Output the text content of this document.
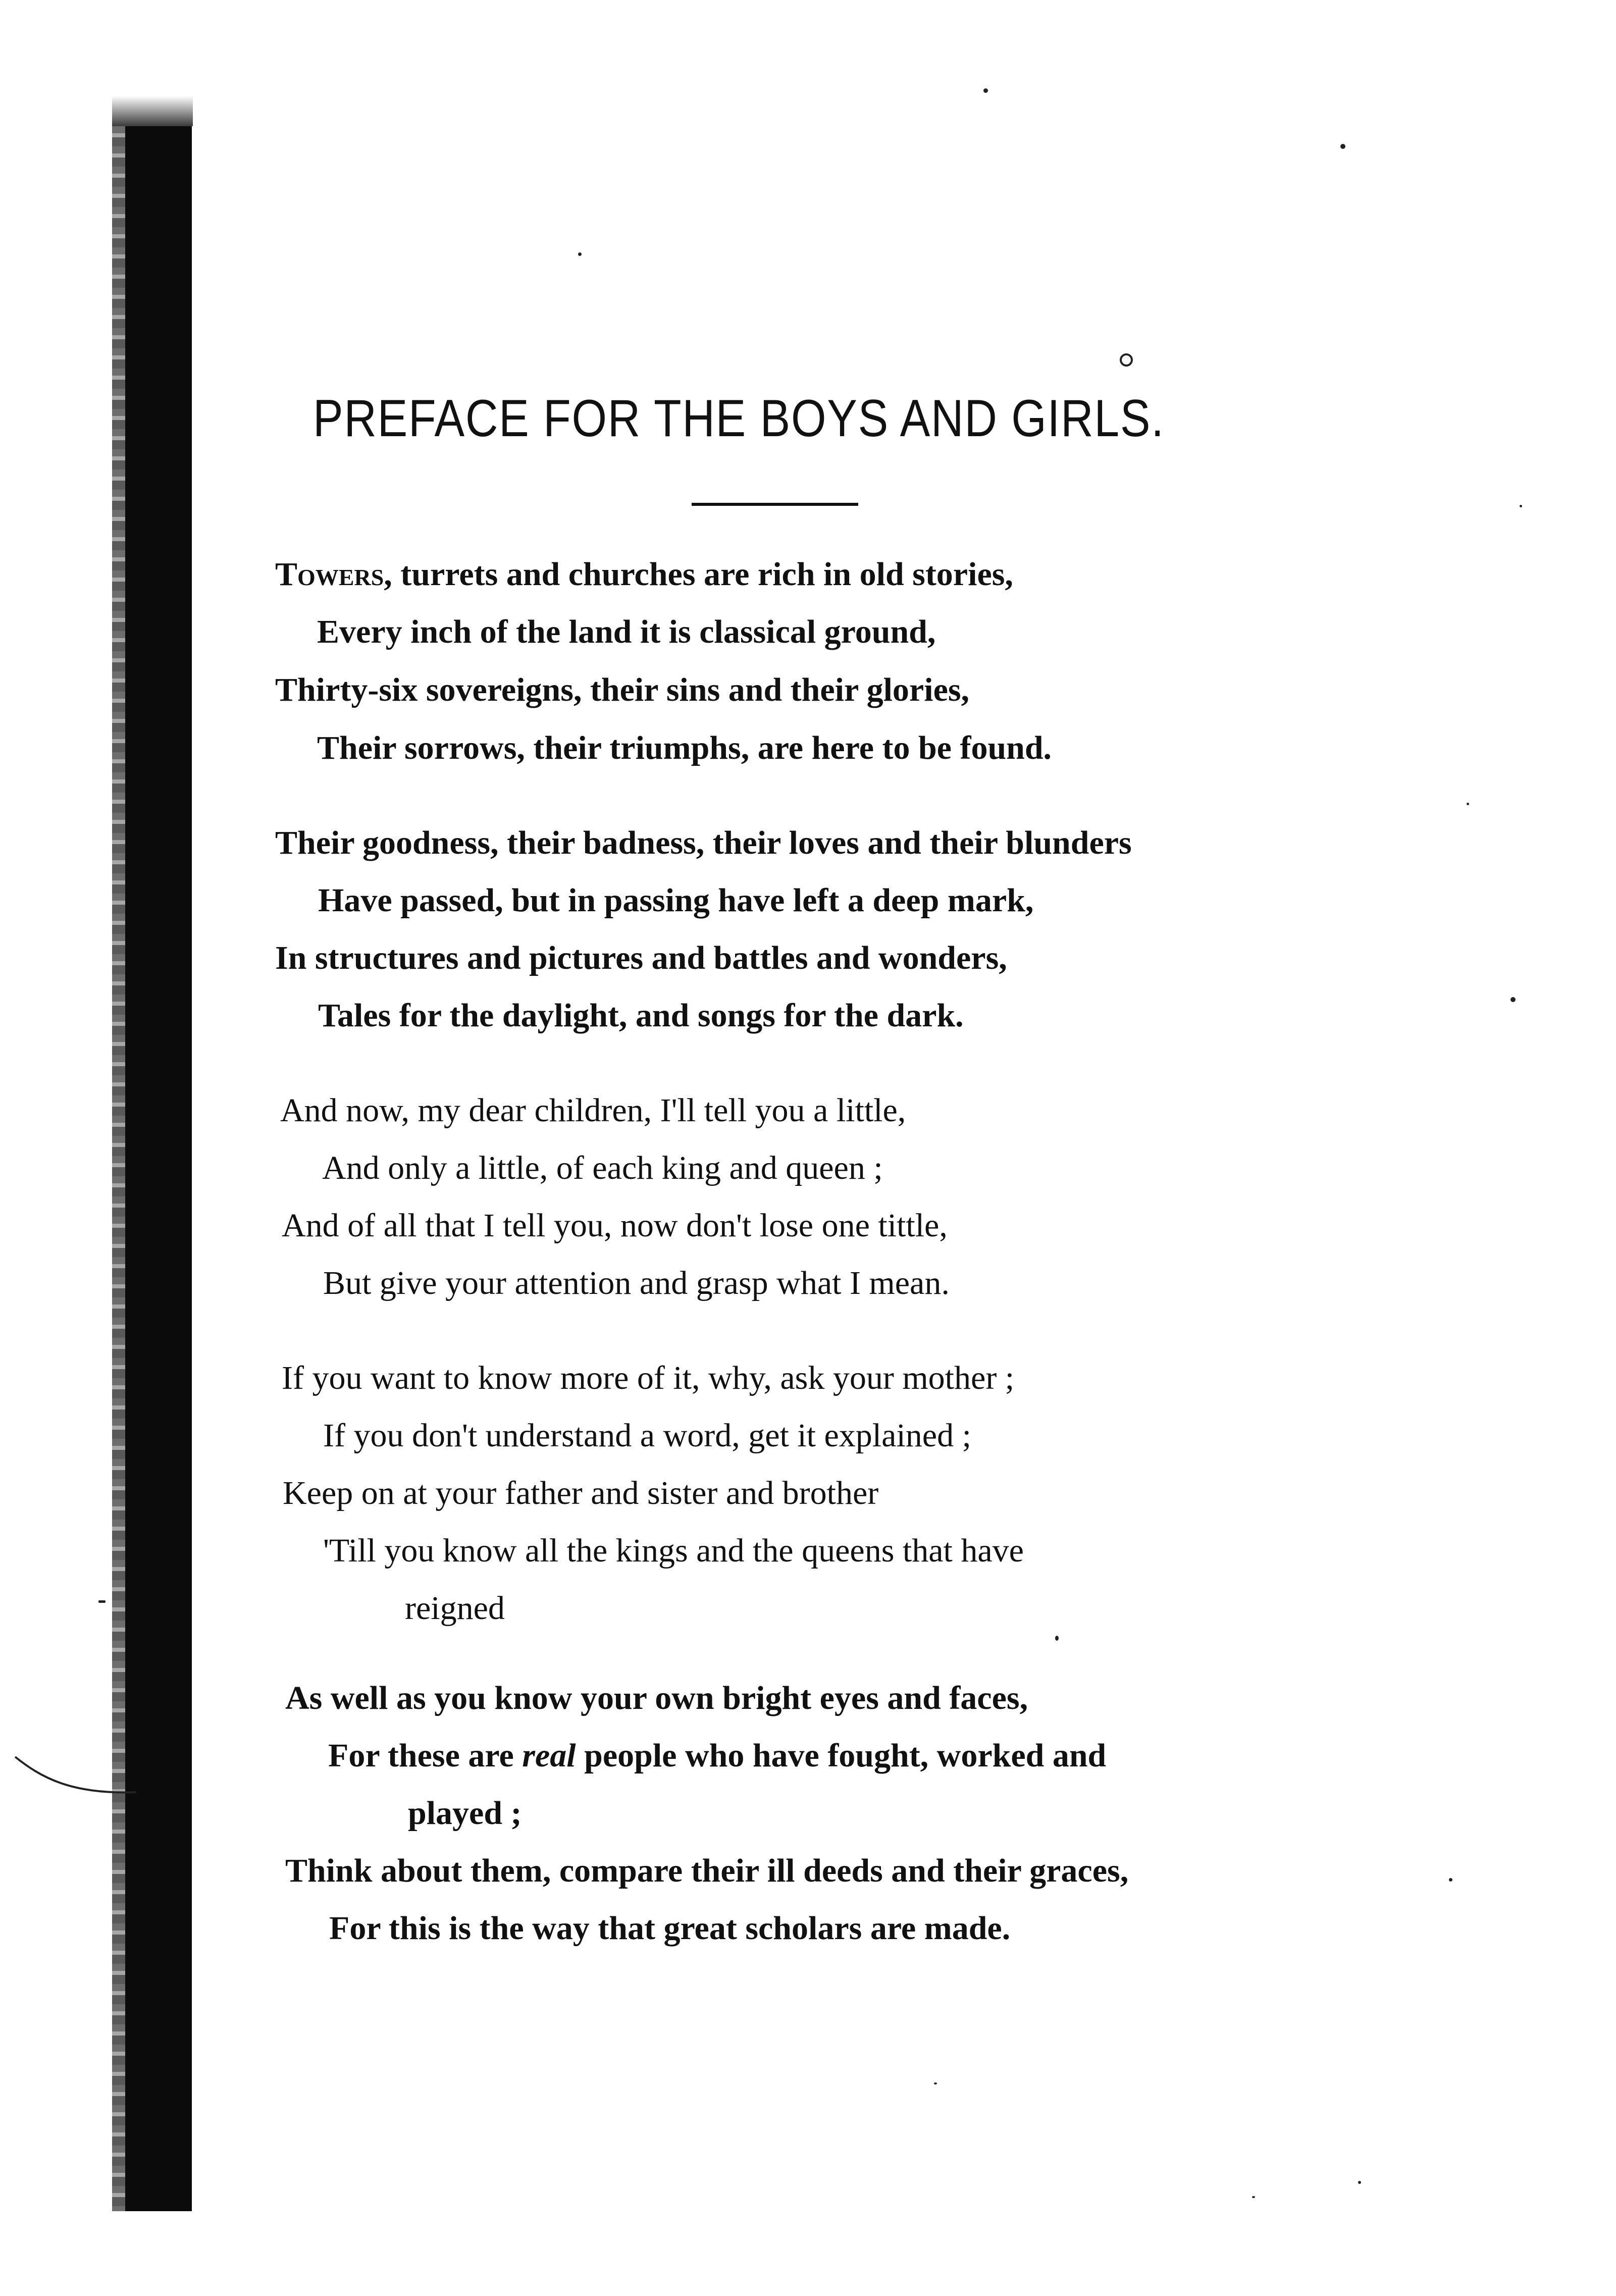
PREFACE FOR THE BOYS AND GIRLS.
Towers, turrets and churches are rich in old stories,
Every inch of the land it is classical ground,
Thirty-six sovereigns, their sins and their glories,
Their sorrows, their triumphs, are here to be found.
Their goodness, their badness, their loves and their blunders
Have passed, but in passing have left a deep mark,
In structures and pictures and battles and wonders,
Tales for the daylight, and songs for the dark.
And now, my dear children, I'll tell you a little,
And only a little, of each king and queen ;
And of all that I tell you, now don't lose one tittle,
But give your attention and grasp what I mean.
If you want to know more of it, why, ask your mother ;
If you don't understand a word, get it explained ;
Keep on at your father and sister and brother
'Till you know all the kings and the queens that have
reigned
As well as you know your own bright eyes and faces,
For these are real people who have fought, worked and
played ;
Think about them, compare their ill deeds and their graces,
For this is the way that great scholars are made.
